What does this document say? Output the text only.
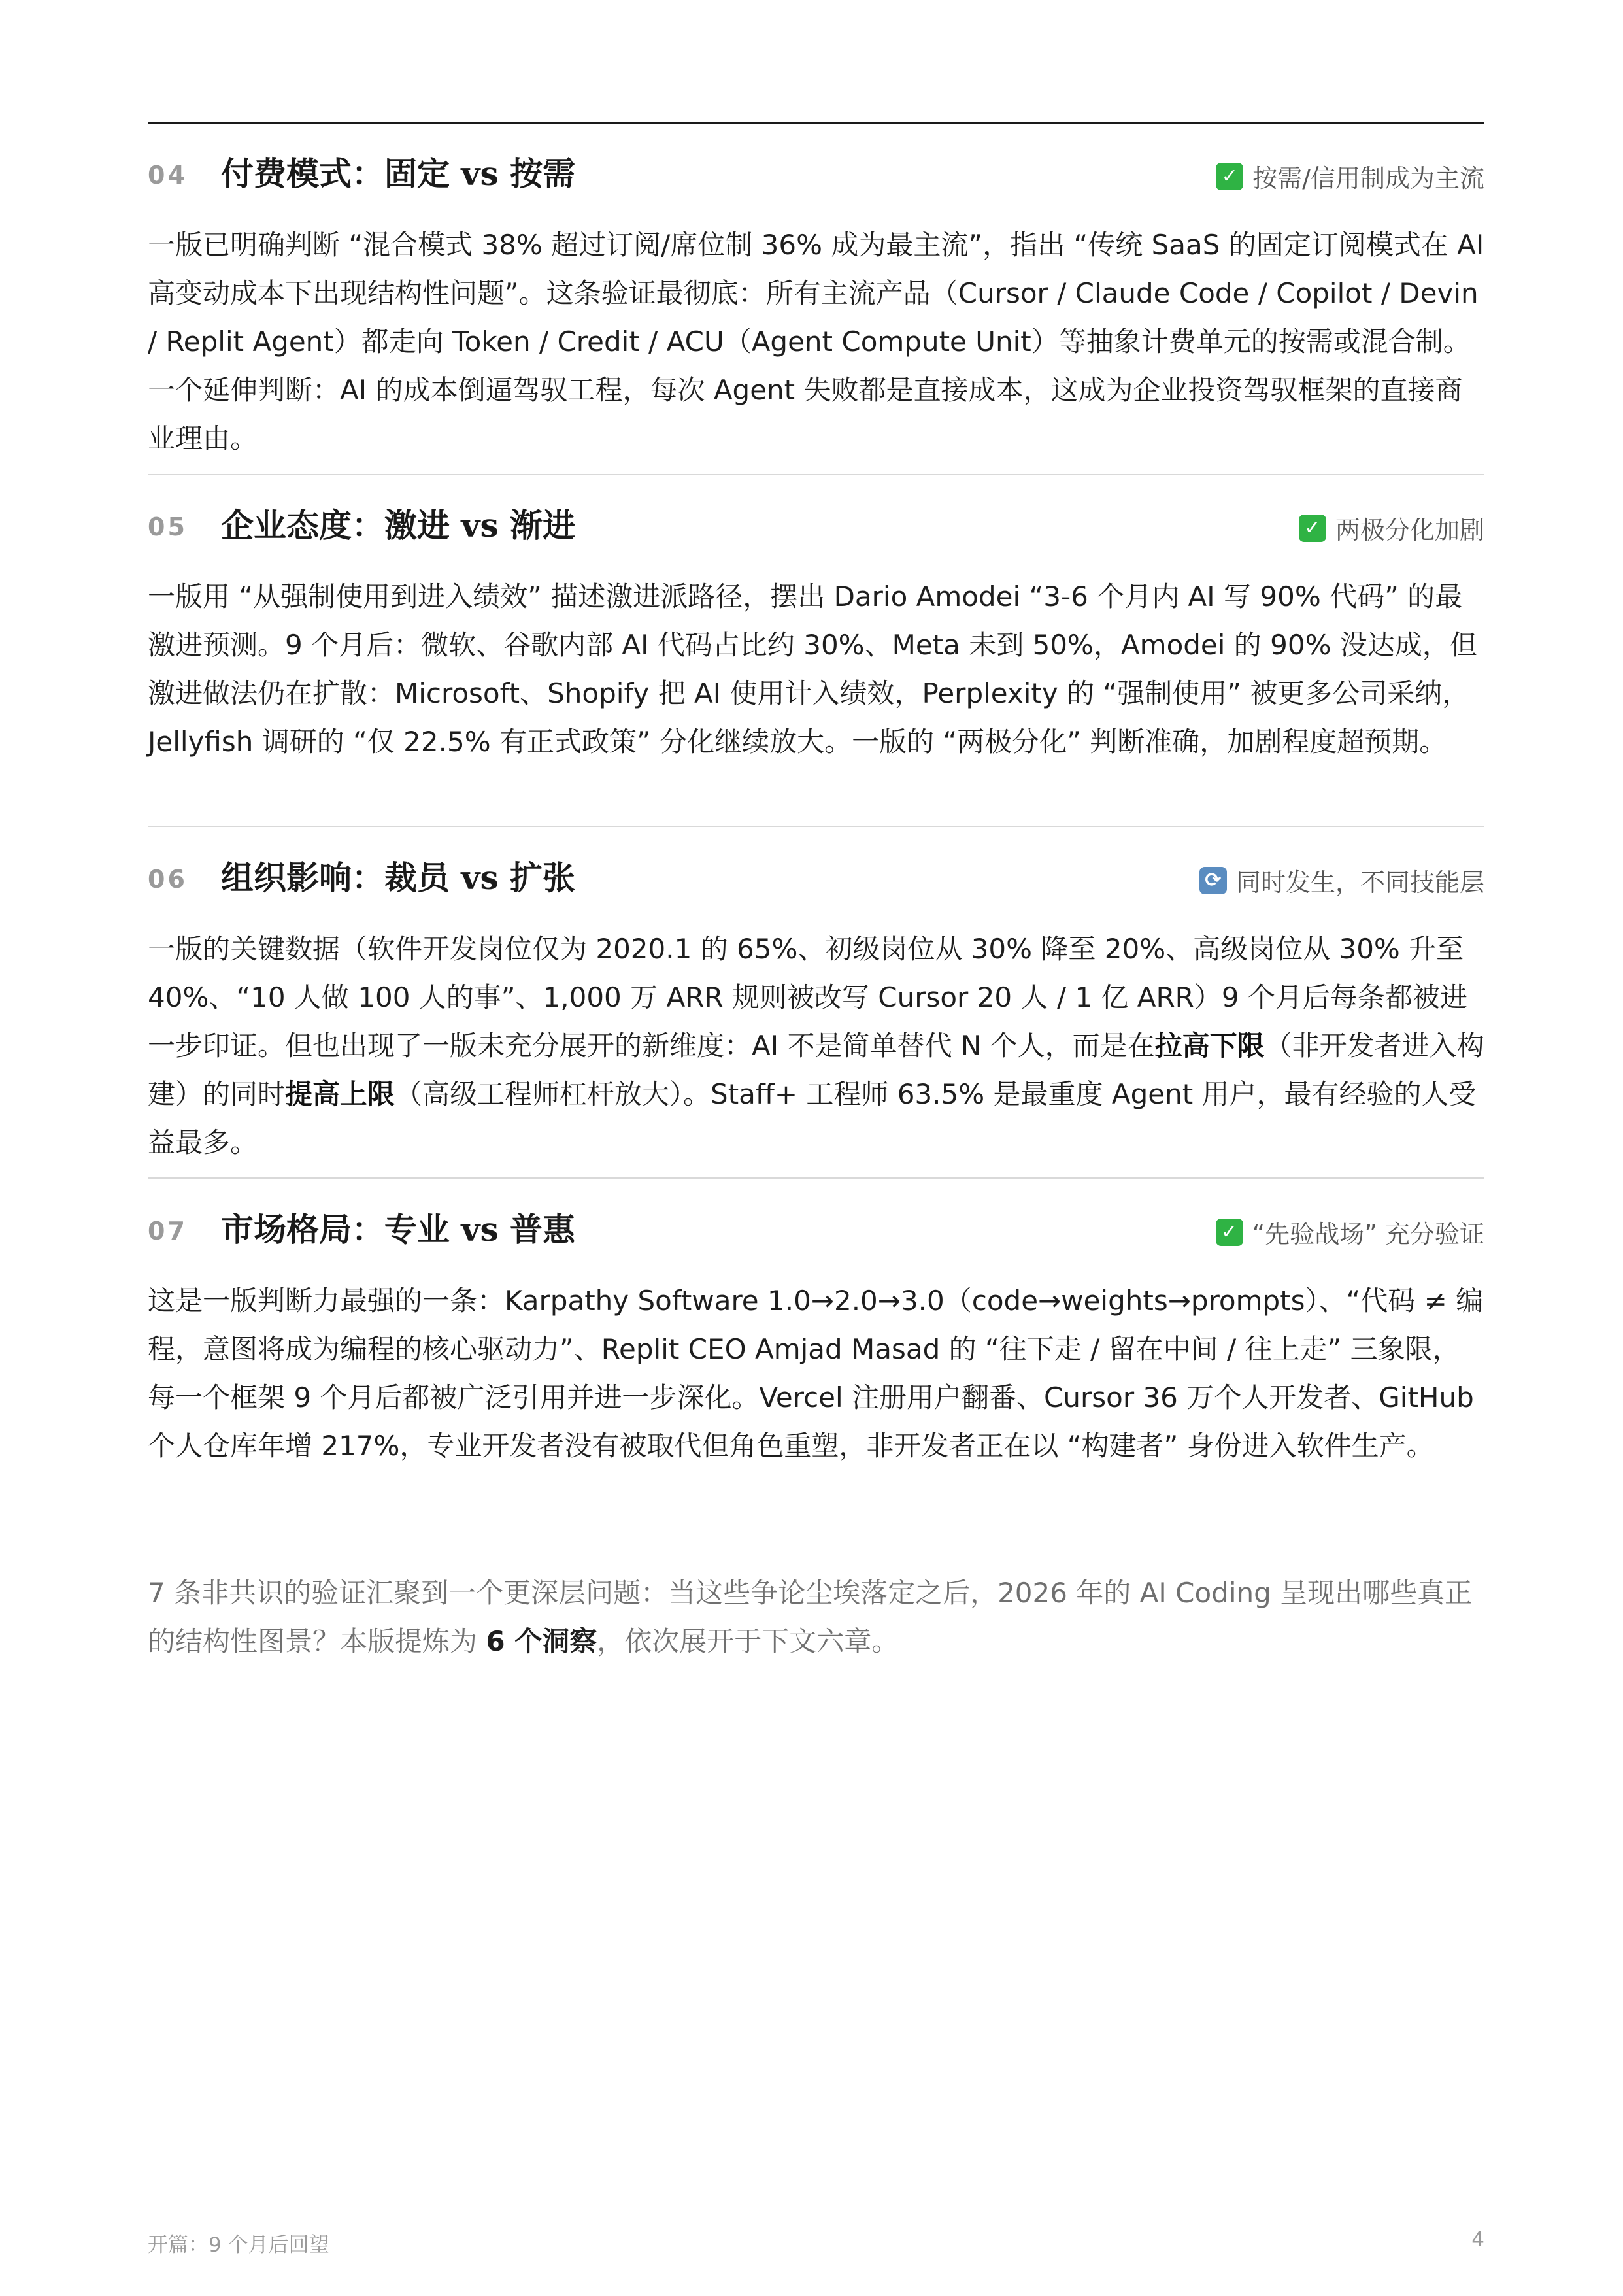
04 付费模式：固定 vs 按需	✓ 按需/信用制成为主流

一版已明确判断 “混合模式 38% 超过订阅/席位制 36% 成为最主流”，指出 “传统 SaaS 的固定订阅模式在 AI 高变动成本下出现结构性问题”。这条验证最彻底：所有主流产品（Cursor / Claude Code / Copilot / Devin / Replit Agent）都走向 Token / Credit / ACU（Agent Compute Unit）等抽象计费单元的按需或混合制。一个延伸判断：AI 的成本倒逼驾驭工程，每次 Agent 失败都是直接成本，这成为企业投资驾驭框架的直接商业理由。

05 企业态度：激进 vs 渐进	✓ 两极分化加剧

一版用 “从强制使用到进入绩效” 描述激进派路径，摆出 Dario Amodei “3-6 个月内 AI 写 90% 代码” 的最激进预测。9 个月后：微软、谷歌内部 AI 代码占比约 30%、Meta 未到 50%，Amodei 的 90% 没达成，但激进做法仍在扩散：Microsoft、Shopify 把 AI 使用计入绩效，Perplexity 的 “强制使用” 被更多公司采纳，Jellyfish 调研的 “仅 22.5% 有正式政策” 分化继续放大。一版的 “两极分化” 判断准确，加剧程度超预期。

06 组织影响：裁员 vs 扩张	⟳ 同时发生，不同技能层

一版的关键数据（软件开发岗位仅为 2020.1 的 65%、初级岗位从 30% 降至 20%、高级岗位从 30% 升至 40%、“10 人做 100 人的事”、1,000 万 ARR 规则被改写 Cursor 20 人 / 1 亿 ARR）9 个月后每条都被进一步印证。但也出现了一版未充分展开的新维度：AI 不是简单替代 N 个人，而是在拉高下限（非开发者进入构建）的同时提高上限（高级工程师杠杆放大）。Staff+ 工程师 63.5% 是最重度 Agent 用户，最有经验的人受益最多。

07 市场格局：专业 vs 普惠	✓ “先验战场” 充分验证

这是一版判断力最强的一条：Karpathy Software 1.0→2.0→3.0（code→weights→prompts）、“代码 ≠ 编程，意图将成为编程的核心驱动力”、Replit CEO Amjad Masad 的 “往下走 / 留在中间 / 往上走” 三象限，每一个框架 9 个月后都被广泛引用并进一步深化。Vercel 注册用户翻番、Cursor 36 万个人开发者、GitHub 个人仓库年增 217%，专业开发者没有被取代但角色重塑，非开发者正在以 “构建者” 身份进入软件生产。

7 条非共识的验证汇聚到一个更深层问题：当这些争论尘埃落定之后，2026 年的 AI Coding 呈现出哪些真正的结构性图景？本版提炼为 6 个洞察，依次展开于下文六章。
开篇：9 个月后回望	4
